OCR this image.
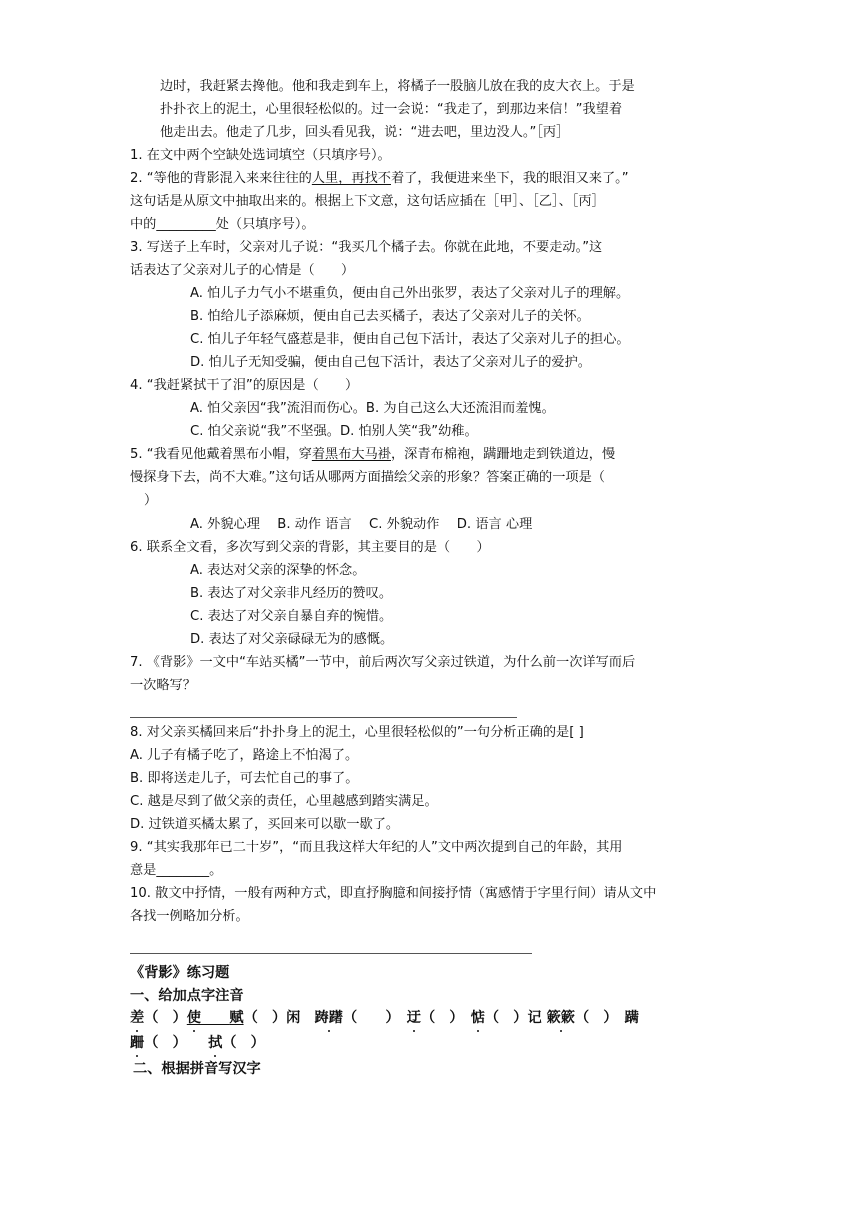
边时，我赶紧去搀他。他和我走到车上，将橘子一股脑儿放在我的皮大衣上。于是
扑扑衣上的泥土，心里很轻松似的。过一会说：“我走了，到那边来信！”我望着
他走出去。他走了几步，回头看见我，说：“进去吧，里边没人。”［丙］
1. 在文中两个空缺处选词填空（只填序号）。
2. “等他的背影混入来来往往的人里，再找不着了，我便进来坐下，我的眼泪又来了。”
这句话是从原文中抽取出来的。根据上下文意，这句话应插在［甲］、［乙］、［丙］
中的_________处（只填序号）。
3. 写送子上车时，父亲对儿子说：“我买几个橘子去。你就在此地，不要走动。”这
话表达了父亲对儿子的心情是（　　）
A. 怕儿子力气小不堪重负，便由自己外出张罗，表达了父亲对儿子的理解。
B. 怕给儿子添麻烦，便由自己去买橘子，表达了父亲对儿子的关怀。
C. 怕儿子年轻气盛惹是非，便由自己包下活计，表达了父亲对儿子的担心。
D. 怕儿子无知受骗，便由自己包下活计，表达了父亲对儿子的爱护。
4. “我赶紧拭干了泪”的原因是（　　）
A. 怕父亲因“我”流泪而伤心。B. 为自己这么大还流泪而羞愧。
C. 怕父亲说“我”不坚强。D. 怕别人笑“我”幼稚。
5. “我看见他戴着黑布小帽，穿着黑布大马褂，深青布棉袍，蹒跚地走到铁道边，慢
慢探身下去，尚不大难。”这句话从哪两方面描绘父亲的形象？答案正确的一项是（
）
A. 外貌心理　 B. 动作 语言　 C. 外貌动作　 D. 语言 心理
6. 联系全文看，多次写到父亲的背影，其主要目的是（　　）
A. 表达对父亲的深挚的怀念。
B. 表达了对父亲非凡经历的赞叹。
C. 表达了对父亲自暴自弃的惋惜。
D. 表达了对父亲碌碌无为的感慨。
7. 《背影》一文中“车站买橘”一节中，前后两次写父亲过铁道，为什么前一次详写而后
一次略写？
8. 对父亲买橘回来后“扑扑身上的泥土，心里很轻松似的”一句分析正确的是[ ]
A. 儿子有橘子吃了，路途上不怕渴了。
B. 即将送走儿子，可去忙自己的事了。
C. 越是尽到了做父亲的责任，心里越感到踏实满足。
D. 过铁道买橘太累了，买回来可以歇一歇了。
9. “其实我那年已二十岁”，“而且我这样大年纪的人”文中两次提到自己的年龄，其用
意是________。
10. 散文中抒情，一般有两种方式，即直抒胸臆和间接抒情（寓感情于字里行间）请从文中
各找一例略加分析。
《背影》练习题
一、给加点字注音
差（　）使　　 赋（　）闲　 踌躇（　　）　 迂（　）　 惦（　）记 簌簌（　）　 蹒
跚（　）　　 拭（　）
二、根据拼音写汉字
